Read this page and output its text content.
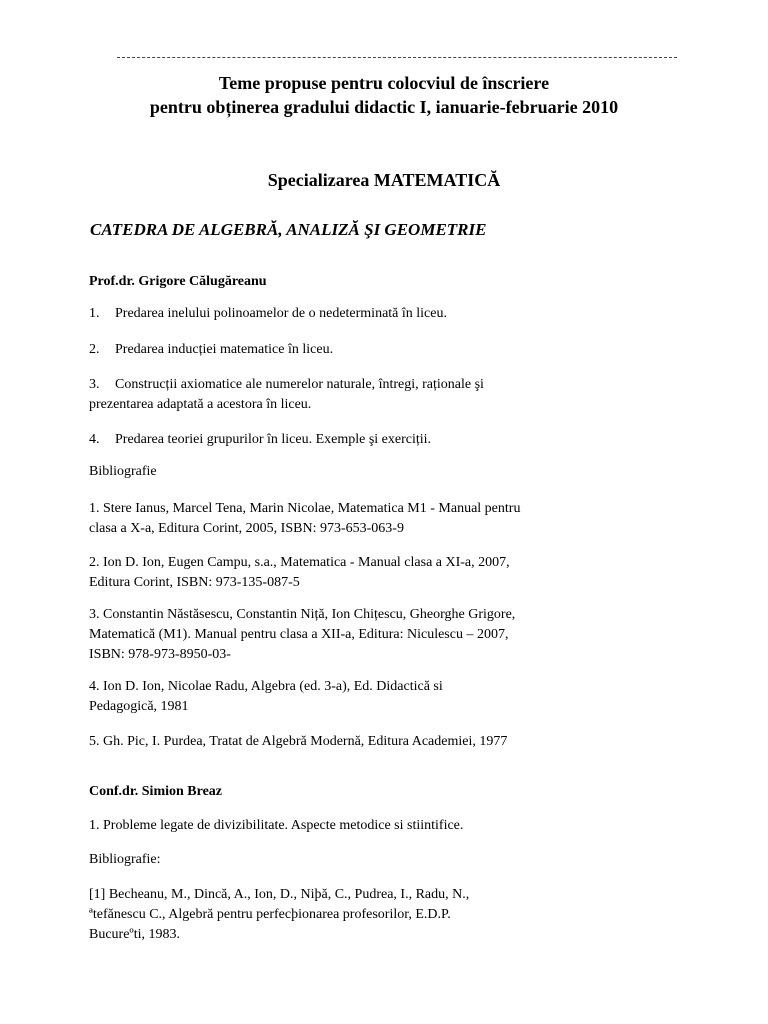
Teme propuse pentru colocviul de înscriere
pentru obținerea gradului didactic I, ianuarie-februarie 2010
Specializarea MATEMATICĂ
CATEDRA DE ALGEBRĂ, ANALIZĂ ŞI GEOMETRIE
Prof.dr. Grigore Călugăreanu
1. Predarea inelului polinoamelor de o nedeterminată în liceu.
2. Predarea inducției matematice în liceu.
3. Construcții axiomatice ale numerelor naturale, întregi, raționale şi
prezentarea adaptată a acestora în liceu.
4. Predarea teoriei grupurilor în liceu. Exemple şi exerciții.
Bibliografie
1. Stere Ianus, Marcel Tena, Marin Nicolae, Matematica M1 - Manual pentru
clasa a X-a, Editura Corint, 2005, ISBN: 973-653-063-9
2. Ion D. Ion, Eugen Campu, s.a., Matematica - Manual clasa a XI-a, 2007,
Editura Corint, ISBN: 973-135-087-5
3. Constantin Năstăsescu, Constantin Niță, Ion Chițescu, Gheorghe Grigore,
Matematică (M1). Manual pentru clasa a XII-a, Editura: Niculescu – 2007,
ISBN: 978-973-8950-03-
4. Ion D. Ion, Nicolae Radu, Algebra (ed. 3-a), Ed. Didactică si
Pedagogică, 1981
5. Gh. Pic, I. Purdea, Tratat de Algebră Modernă, Editura Academiei, 1977
Conf.dr. Simion Breaz
1. Probleme legate de divizibilitate. Aspecte metodice si stiintifice.
Bibliografie:
[1] Becheanu, M., Dincă, A., Ion, D., Niþă, C., Pudrea, I., Radu, N.,
ªtefănescu C., Algebră pentru perfecþionarea profesorilor, E.D.P.
Bucureºti, 1983.
